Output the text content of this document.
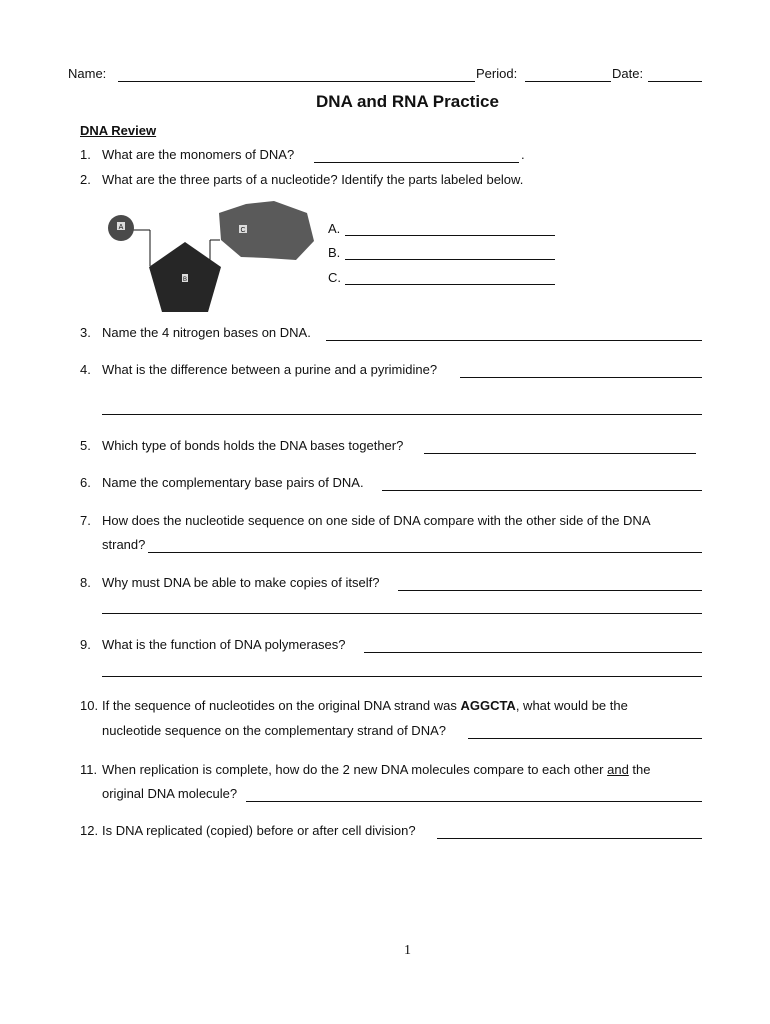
Name:	Period:	Date:
DNA and RNA Practice
DNA Review
1. What are the monomers of DNA?	.
2. What are the three parts of a nucleotide? Identify the parts labeled below.
A	C
B
A.
B.
C.
3. Name the 4 nitrogen bases on DNA.
4. What is the difference between a purine and a pyrimidine?
5. Which type of bonds holds the DNA bases together?
6. Name the complementary base pairs of DNA.
7. How does the nucleotide sequence on one side of DNA compare with the other side of the DNA
strand?
8. Why must DNA be able to make copies of itself?
9. What is the function of DNA polymerases?
10. If the sequence of nucleotides on the original DNA strand was AGGCTA, what would be the
nucleotide sequence on the complementary strand of DNA?
11. When replication is complete, how do the 2 new DNA molecules compare to each other and the
original DNA molecule?
12. Is DNA replicated (copied) before or after cell division?
1
